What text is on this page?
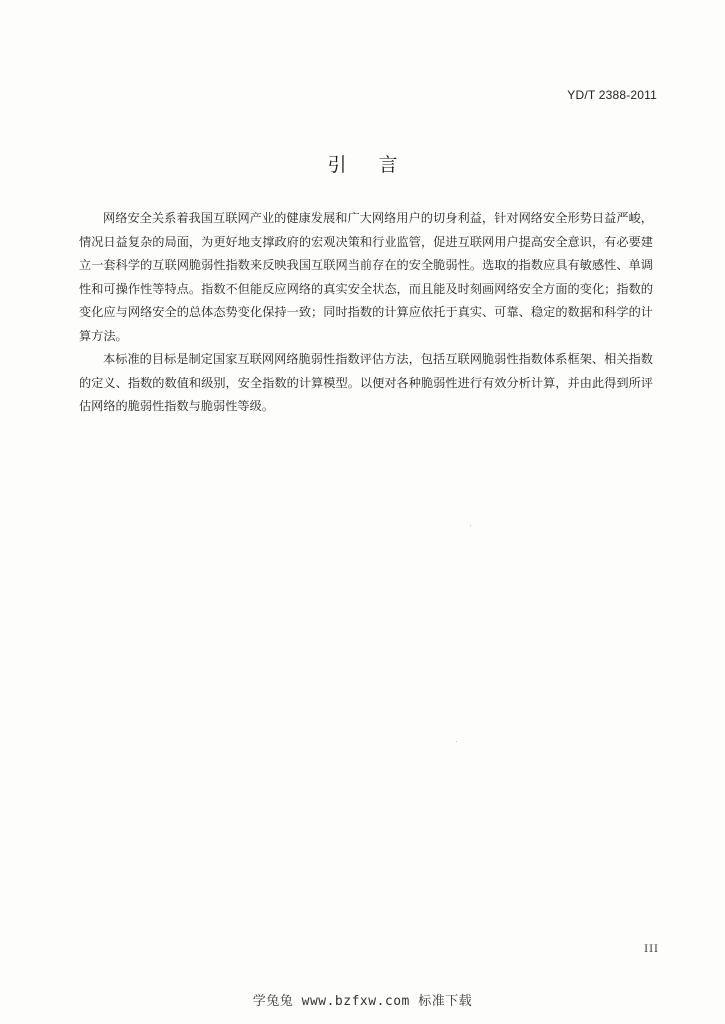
YD/T 2388-2011
引言

网络安全关系着我国互联网产业的健康发展和广大网络用户的切身利益，针对网络安全形势日益严峻，情况日益复杂的局面，为更好地支撑政府的宏观决策和行业监管，促进互联网用户提高安全意识，有必要建立一套科学的互联网脆弱性指数来反映我国互联网当前存在的安全脆弱性。选取的指数应具有敏感性、单调性和可操作性等特点。指数不但能反应网络的真实安全状态，而且能及时刻画网络安全方面的变化；指数的变化应与网络安全的总体态势变化保持一致；同时指数的计算应依托于真实、可靠、稳定的数据和科学的计算方法。

本标准的目标是制定国家互联网网络脆弱性指数评估方法，包括互联网脆弱性指数体系框架、相关指数的定义、指数的数值和级别，安全指数的计算模型。以便对各种脆弱性进行有效分析计算，并由此得到所评估网络的脆弱性指数与脆弱性等级。

III
学兔兔 www.bzfxw.com 标准下载
